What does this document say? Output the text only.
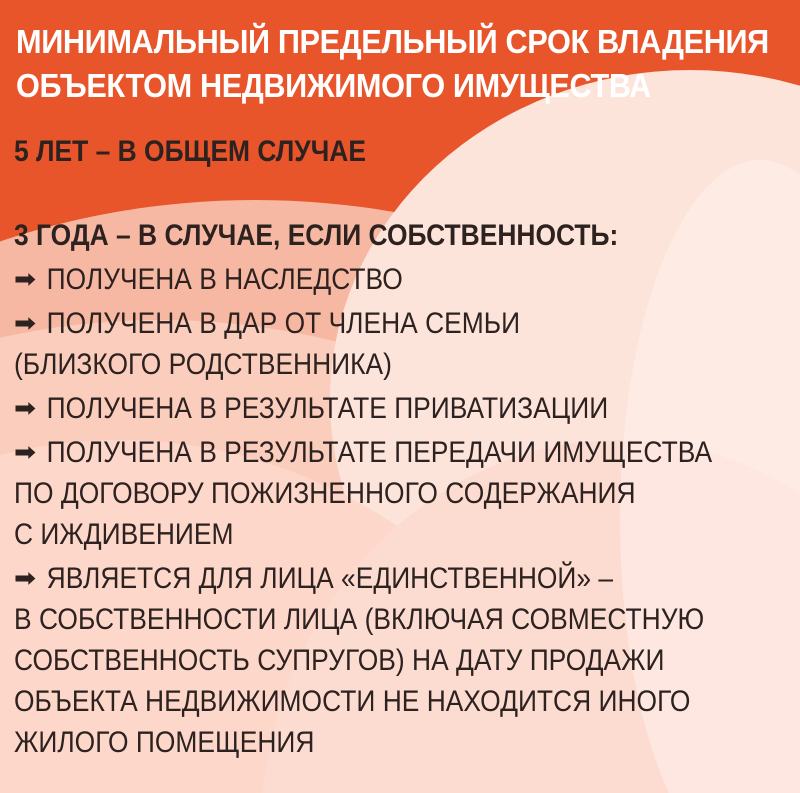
МИНИМАЛЬНЫЙ ПРЕДЕЛЬНЫЙ СРОК ВЛАДЕНИЯ
ОБЪЕКТОМ НЕДВИЖИМОГО ИМУЩЕСТВА
5 ЛЕТ – В ОБЩЕМ СЛУЧАЕ
3 ГОДА – В СЛУЧАЕ, ЕСЛИ СОБСТВЕННОСТЬ:
➡ ПОЛУЧЕНА В НАСЛЕДСТВО
➡ ПОЛУЧЕНА В ДАР ОТ ЧЛЕНА СЕМЬИ
(БЛИЗКОГО РОДСТВЕННИКА)
➡ ПОЛУЧЕНА В РЕЗУЛЬТАТЕ ПРИВАТИЗАЦИИ
➡ ПОЛУЧЕНА В РЕЗУЛЬТАТЕ ПЕРЕДАЧИ ИМУЩЕСТВА
ПО ДОГОВОРУ ПОЖИЗНЕННОГО СОДЕРЖАНИЯ
С ИЖДИВЕНИЕМ
➡ ЯВЛЯЕТСЯ ДЛЯ ЛИЦА «ЕДИНСТВЕННОЙ» –
В СОБСТВЕННОСТИ ЛИЦА (ВКЛЮЧАЯ СОВМЕСТНУЮ
СОБСТВЕННОСТЬ СУПРУГОВ) НА ДАТУ ПРОДАЖИ
ОБЪЕКТА НЕДВИЖИМОСТИ НЕ НАХОДИТСЯ ИНОГО
ЖИЛОГО ПОМЕЩЕНИЯ
